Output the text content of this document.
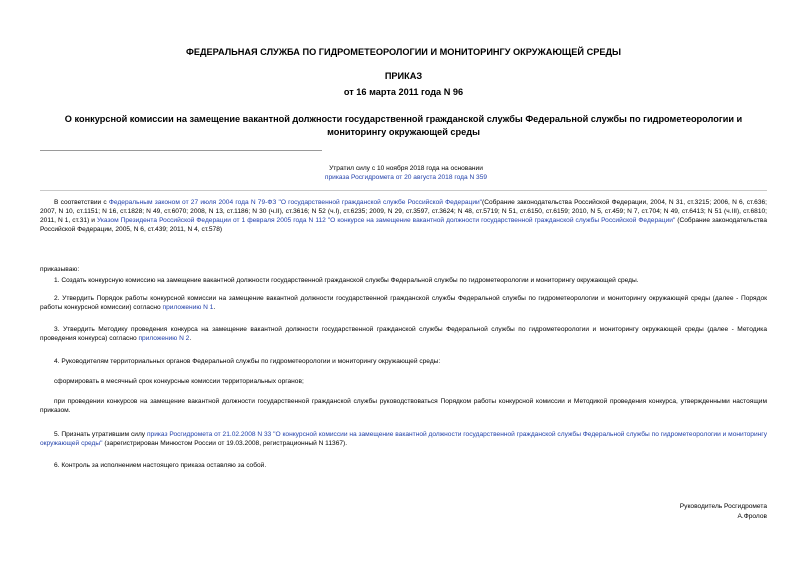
ФЕДЕРАЛЬНАЯ СЛУЖБА ПО ГИДРОМЕТЕОРОЛОГИИ И МОНИТОРИНГУ ОКРУЖАЮЩЕЙ СРЕДЫ
ПРИКАЗ
от 16 марта 2011 года N 96
О конкурсной комиссии на замещение вакантной должности государственной гражданской службы Федеральной службы по гидрометеорологии и мониторингу окружающей среды
Утратил силу с 10 ноября 2018 года на основании
приказа Росгидромета от 20 августа 2018 года N 359
В соответствии с Федеральным законом от 27 июля 2004 года N 79-ФЗ "О государственной гражданской службе Российской Федерации"(Собрание законодательства Российской Федерации, 2004, N 31, ст.3215; 2006, N 6, ст.636; 2007, N 10, ст.1151; N 16, ст.1828; N 49, ст.6070; 2008, N 13, ст.1186; N 30 (ч.II), ст.3616; N 52 (ч.I), ст.6235; 2009, N 29, ст.3597, ст.3624; N 48, ст.5719; N 51, ст.6150, ст.6159; 2010, N 5, ст.459; N 7, ст.704; N 49, ст.6413; N 51 (ч.III), ст.6810; 2011, N 1, ст.31) и Указом Президента Российской Федерации от 1 февраля 2005 года N 112 "О конкурсе на замещение вакантной должности государственной гражданской службы Российской Федерации" (Собрание законодательства Российской Федерации, 2005, N 6, ст.439; 2011, N 4, ст.578)
приказываю:
1. Создать конкурсную комиссию на замещение вакантной должности государственной гражданской службы Федеральной службы по гидрометеорологии и мониторингу окружающей среды.
2. Утвердить Порядок работы конкурсной комиссии на замещение вакантной должности государственной гражданской службы Федеральной службы по гидрометеорологии и мониторингу окружающей среды (далее - Порядок работы конкурсной комиссии) согласно приложению N 1.
3. Утвердить Методику проведения конкурса на замещение вакантной должности государственной гражданской службы Федеральной службы по гидрометеорологии и мониторингу окружающей среды (далее - Методика проведения конкурса) согласно приложению N 2.
4. Руководителям территориальных органов Федеральной службы по гидрометеорологии и мониторингу окружающей среды:
сформировать в месячный срок конкурсные комиссии территориальных органов;
при проведении конкурсов на замещение вакантной должности государственной гражданской службы руководствоваться Порядком работы конкурсной комиссии и Методикой проведения конкурса, утвержденными настоящим приказом.
5. Признать утратившим силу приказ Росгидромета от 21.02.2008 N 33 "О конкурсной комиссии на замещение вакантной должности государственной гражданской службы Федеральной службы по гидрометеорологии и мониторингу окружающей среды" (зарегистрирован Минюстом России от 19.03.2008, регистрационный N 11367).
6. Контроль за исполнением настоящего приказа оставляю за собой.
Руководитель Росгидромета
А.Фролов
